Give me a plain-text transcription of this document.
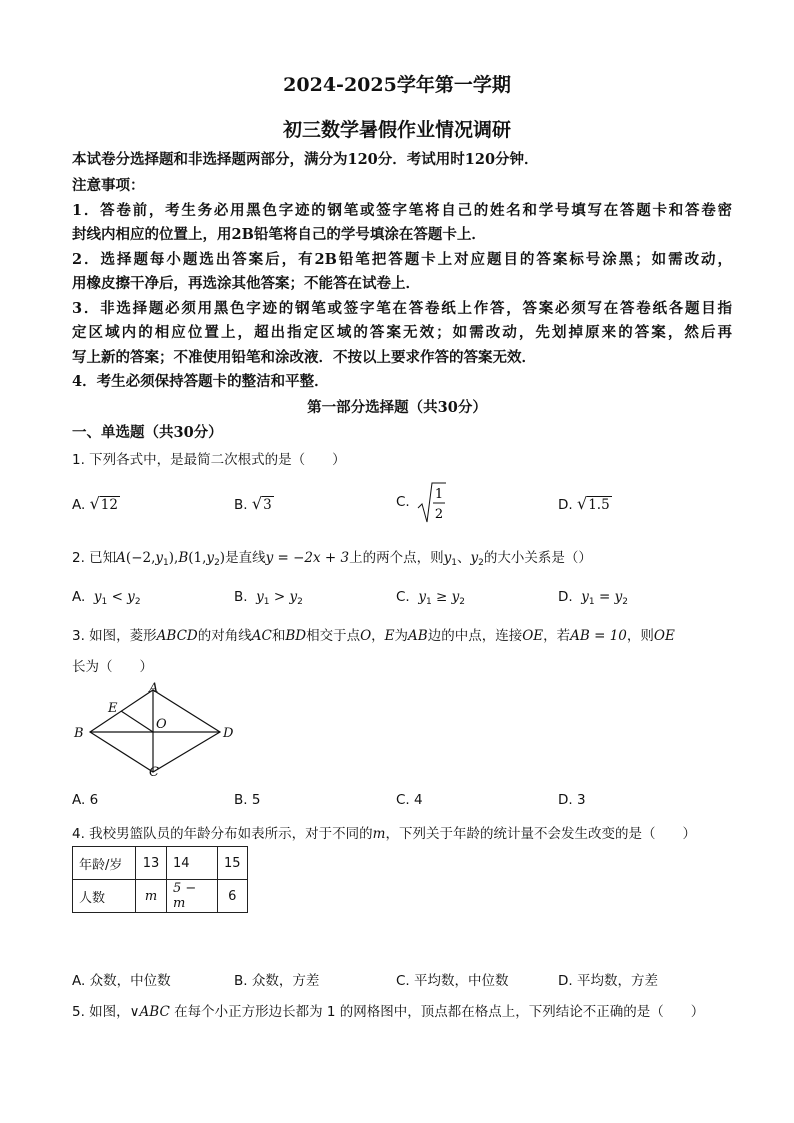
2024-2025学年第一学期
初三数学暑假作业情况调研
本试卷分选择题和非选择题两部分，满分为120分．考试用时120分钟．
注意事项：
1．答卷前，考生务必用黑色字迹的钢笔或签字笔将自己的姓名和学号填写在答题卡和答卷密
封线内相应的位置上，用2B铅笔将自己的学号填涂在答题卡上．
2．选择题每小题选出答案后，有2B铅笔把答题卡上对应题目的答案标号涂黑；如需改动，
用橡皮擦干净后，再选涂其他答案；不能答在试卷上．
3．非选择题必须用黑色字迹的钢笔或签字笔在答卷纸上作答，答案必须写在答卷纸各题目指
定区域内的相应位置上，超出指定区域的答案无效；如需改动，先划掉原来的答案，然后再
写上新的答案；不准使用铅笔和涂改液．不按以上要求作答的答案无效．
4．考生必须保持答题卡的整洁和平整．
第一部分选择题（共30分）
一、单选题（共30分）
1. 下列各式中，是最简二次根式的是（　　）
A. √12	B. √3	C. 1
2
D. √1.5
2. 已知$A(-2,y_1),B(1,y_2)$是直线y = −2x + 3上的两个点，则$y_1$、$y_2$的大小关系是（）
A. $y_1 < y_2$	B. $y_1 > y_2$	C. $y_1 \ge y_2$	D. $y_1 = y_2$
3. 如图，菱形ABCD的对角线AC和BD相交于点O，E为AB边的中点，连接OE，若AB = 10，则OE
长为（　　）
A
B
C
D
E
O
A. 6	B. 5	C. 4	D. 3
4. 我校男篮队员的年龄分布如表所示，对于不同的m，下列关于年龄的统计量不会发生改变的是（　　）
年龄/岁	13	14	15
人数	m	5 − m	6
A. 众数，中位数	B. 众数，方差	C. 平均数，中位数	D. 平均数，方差
5. 如图，∨ABC 在每个小正方形边长都为 1 的网格图中，顶点都在格点上，下列结论不正确的是（　　）
